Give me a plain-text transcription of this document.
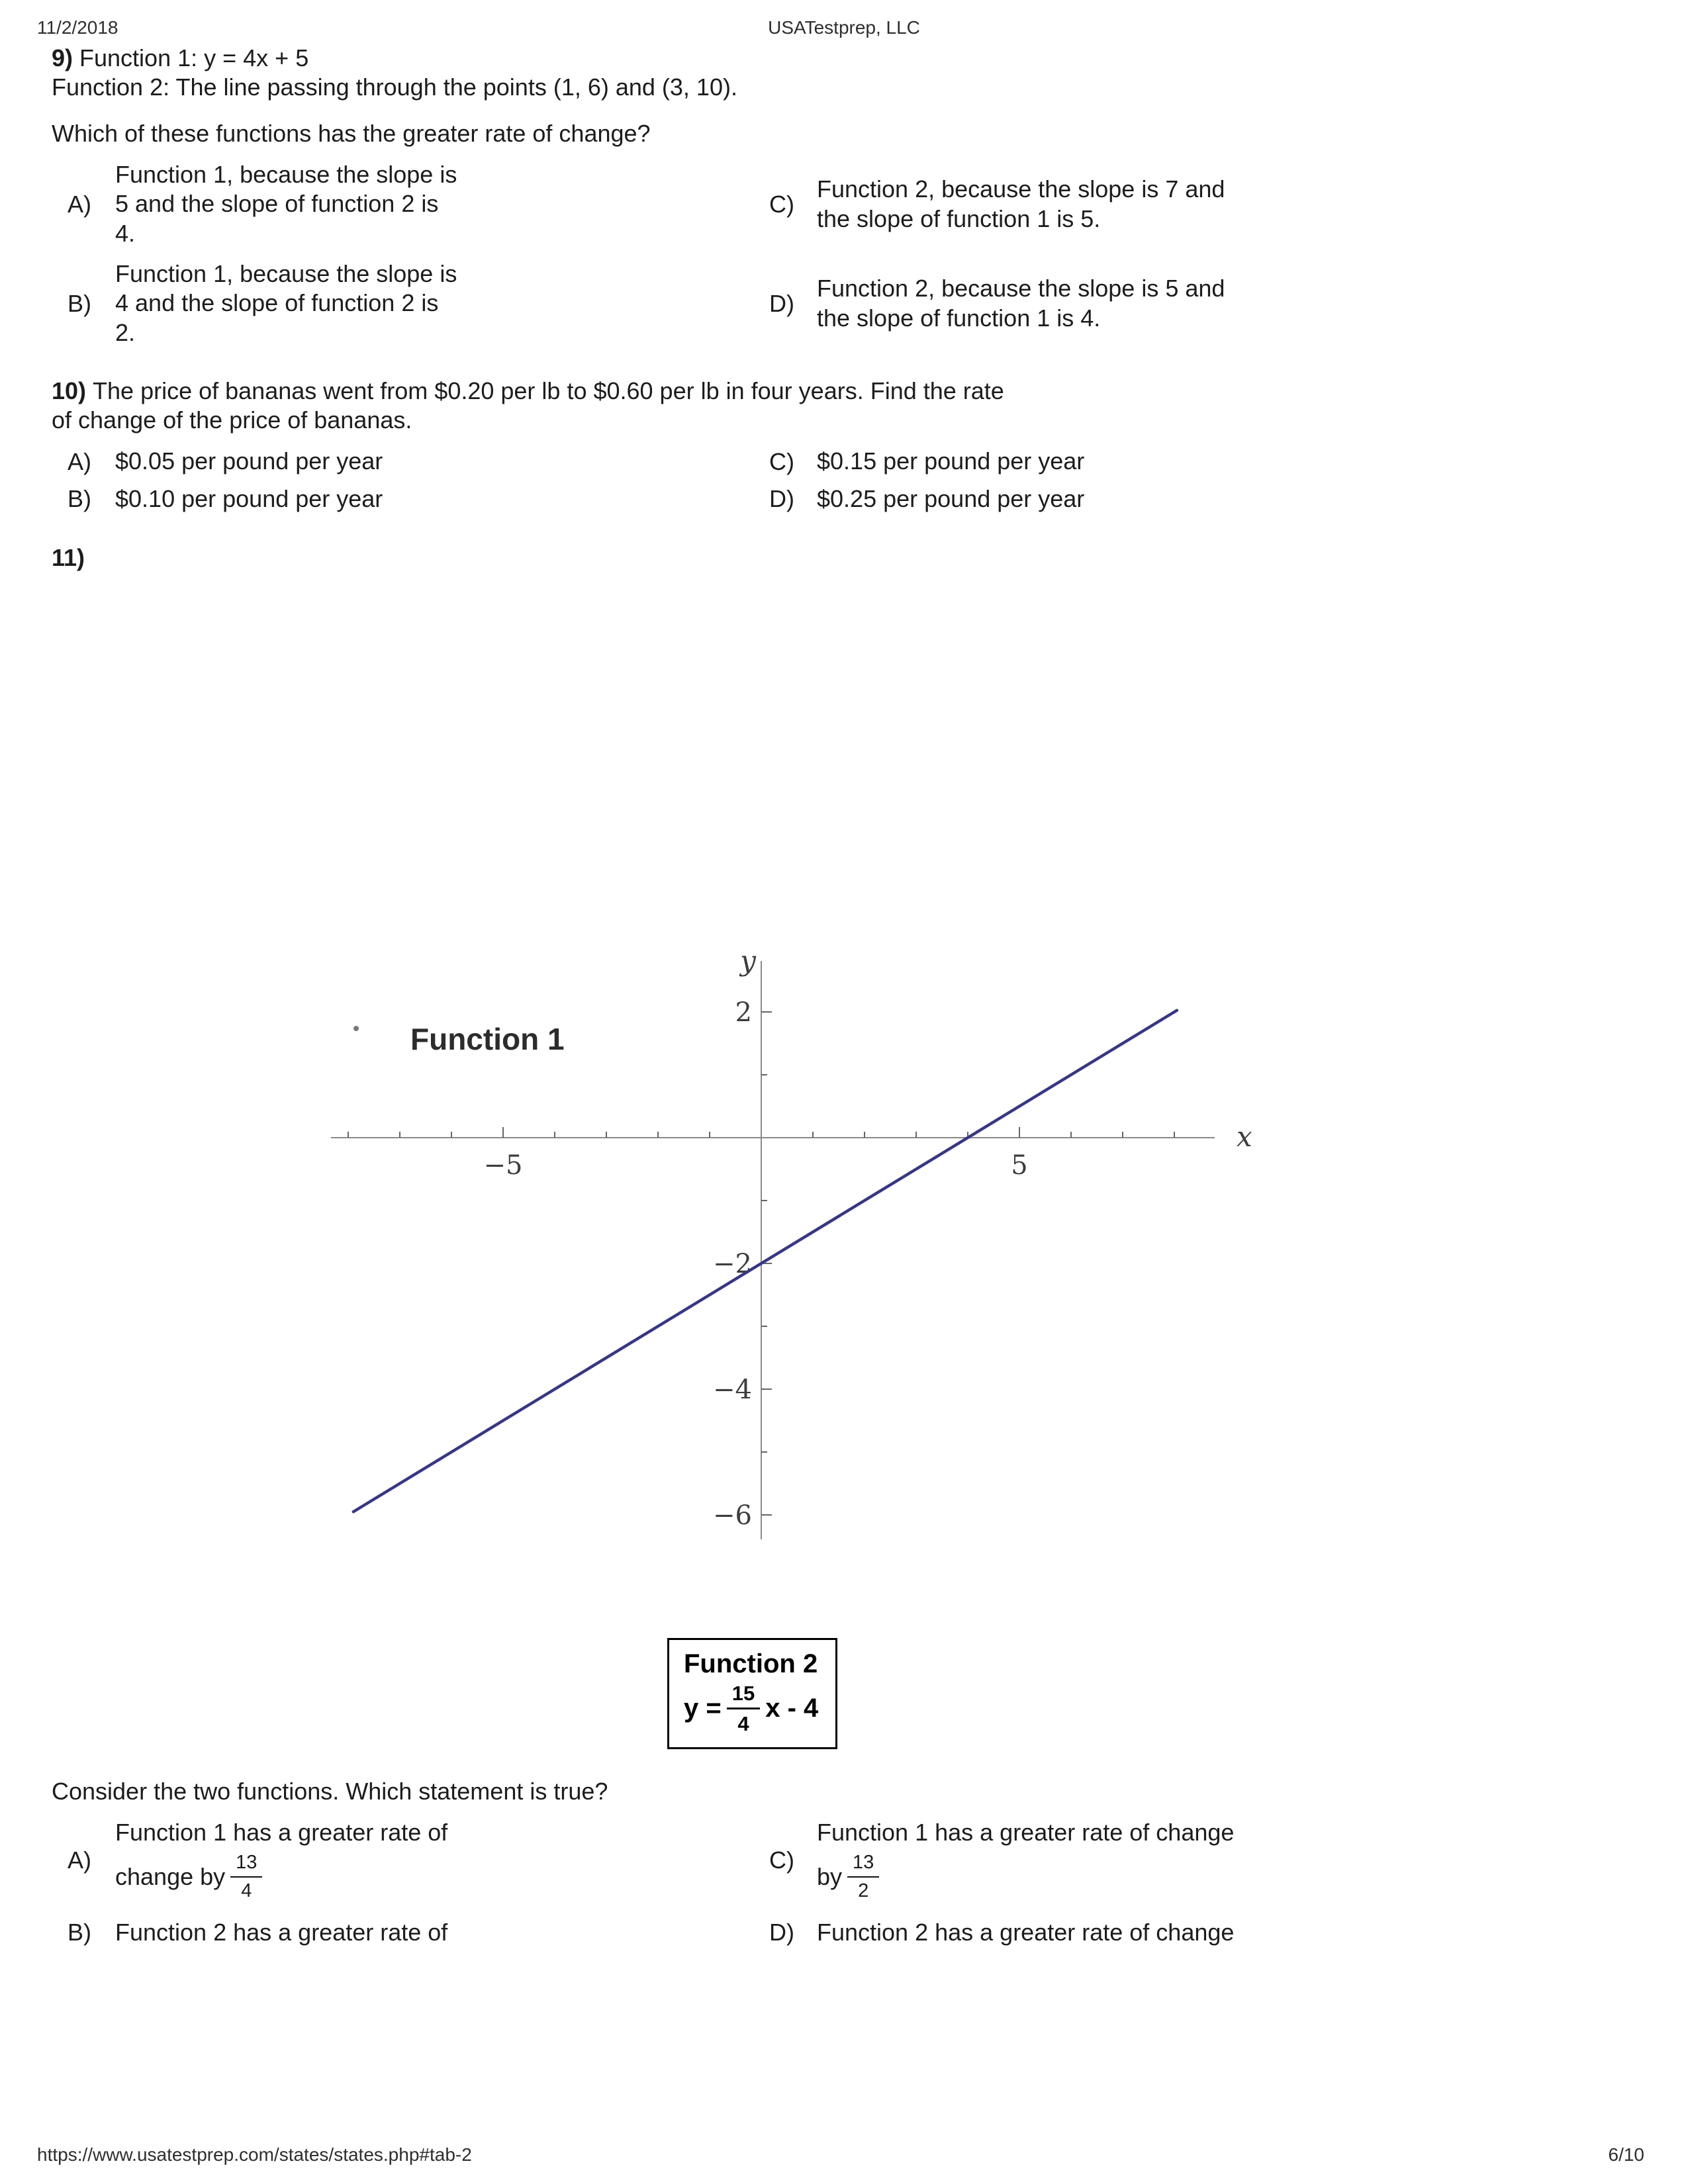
11/2/2018	USATestprep, LLC
9) Function 1: y = 4x + 5
Function 2: The line passing through the points (1, 6) and (3, 10).
Which of these functions has the greater rate of change?
A)
Function 1, because the slope is
5 and the slope of function 2 is
4.
C)
Function 2, because the slope is 7 and
the slope of function 1 is 5.
B)
Function 1, because the slope is
4 and the slope of function 2 is
2.
D)
Function 2, because the slope is 5 and
the slope of function 1 is 4.
10) The price of bananas went from $0.20 per lb to $0.60 per lb in four years. Find the rate
of change of the price of bananas.
A)	$0.05 per pound per year	C) $0.15 per pound per year
B)	$0.10 per pound per year	D) $0.25 per pound per year
11)
−5	5
2
−2
−4
−6
x
y
Function 1
Function 2
$y = \frac{15}{4}$ x - 4
Consider the two functions. Which statement is true?
A)
Function 1 has a greater rate of
change by $\frac{13}{4}$	C)
Function 1 has a greater rate of change
by $\frac{13}{2}$
B)	Function 2 has a greater rate of	D) Function 2 has a greater rate of change
https://www.usatestprep.com/states/states.php#tab-2	6/10
